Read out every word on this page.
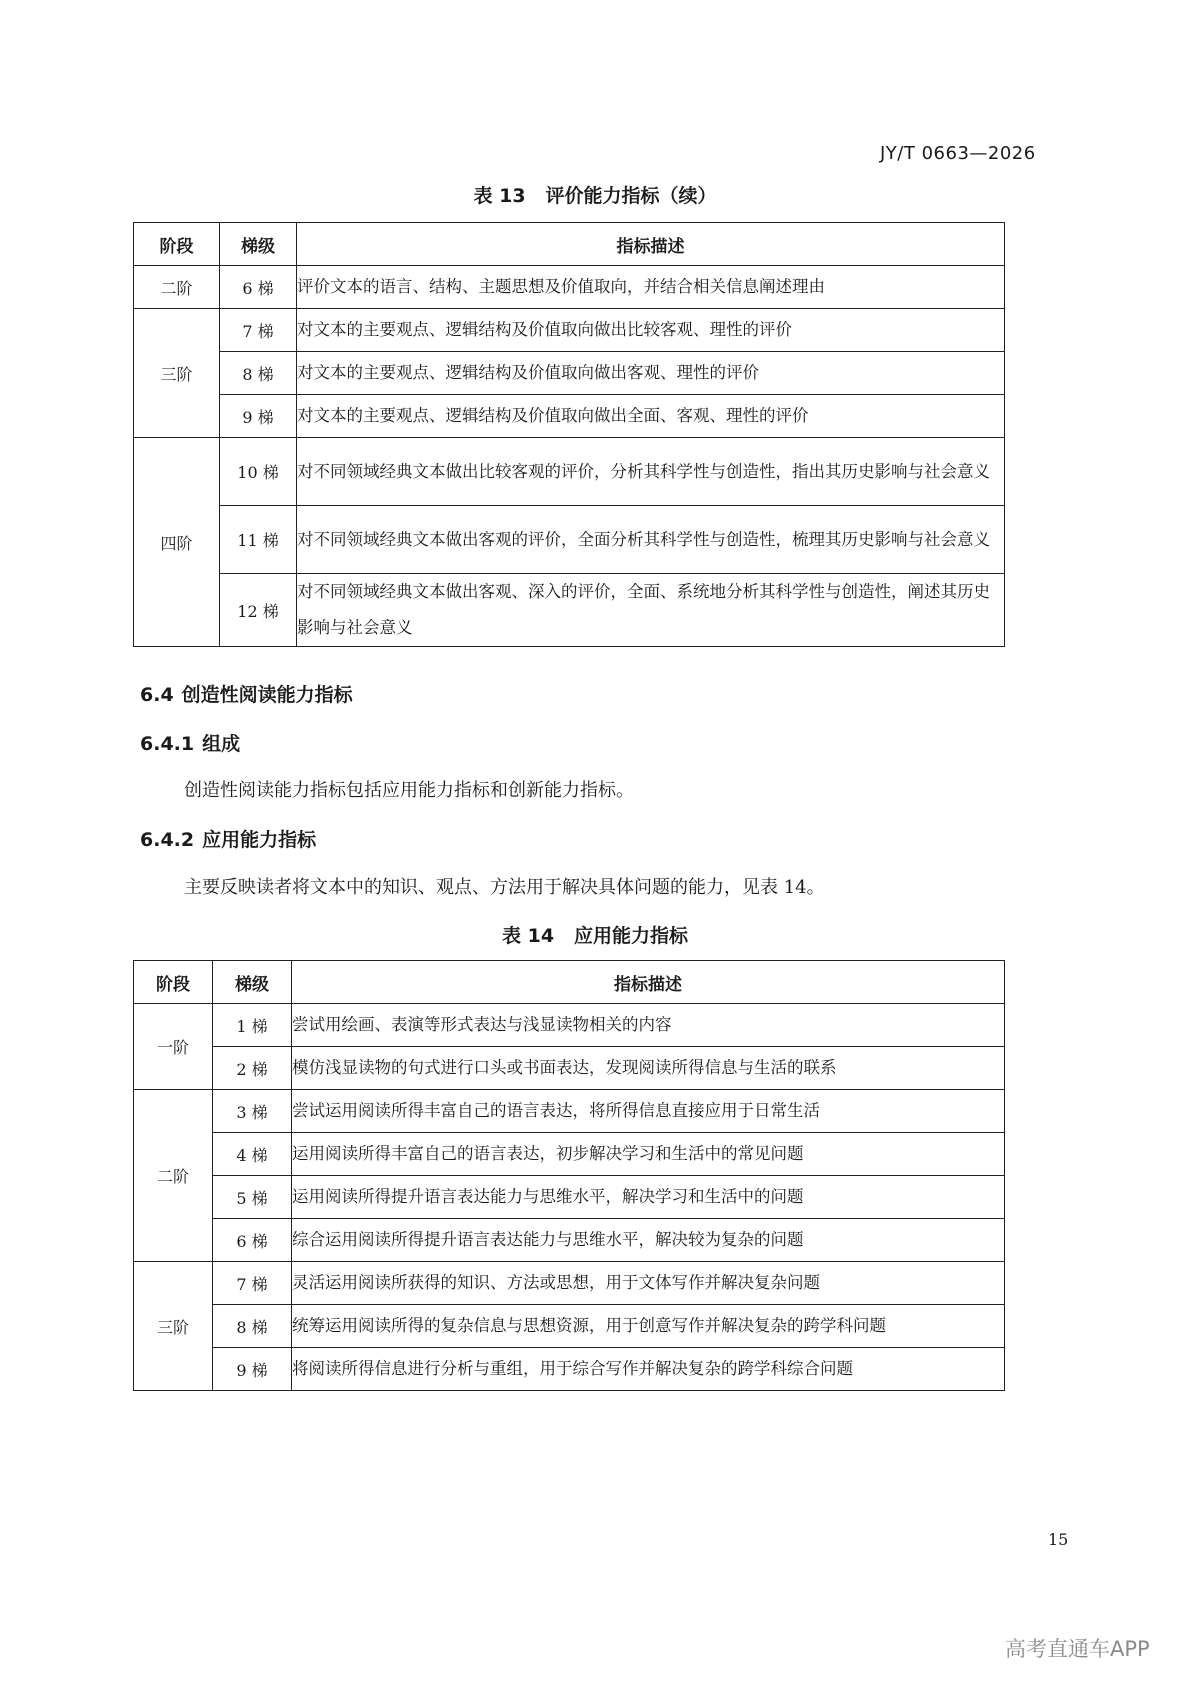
JY/T 0663—2026
表 13 评价能力指标（续）
阶段	梯级	指标描述
二阶	6 梯	评价文本的语言、结构、主题思想及价值取向，并结合相关信息阐述理由
三阶	7 梯	对文本的主要观点、逻辑结构及价值取向做出比较客观、理性的评价
	8 梯	对文本的主要观点、逻辑结构及价值取向做出客观、理性的评价
	9 梯	对文本的主要观点、逻辑结构及价值取向做出全面、客观、理性的评价
四阶	10 梯	对不同领域经典文本做出比较客观的评价，分析其科学性与创造性，指出其历史影响与社会意义
	11 梯	对不同领域经典文本做出客观的评价，全面分析其科学性与创造性，梳理其历史影响与社会意义
	12 梯	对不同领域经典文本做出客观、深入的评价，全面、系统地分析其科学性与创造性，阐述其历史影响与社会意义
6.4 创造性阅读能力指标
6.4.1 组成
创造性阅读能力指标包括应用能力指标和创新能力指标。
6.4.2 应用能力指标
主要反映读者将文本中的知识、观点、方法用于解决具体问题的能力，见表 14。
表 14 应用能力指标
阶段	梯级	指标描述
一阶	1 梯	尝试用绘画、表演等形式表达与浅显读物相关的内容
	2 梯	模仿浅显读物的句式进行口头或书面表达，发现阅读所得信息与生活的联系
二阶	3 梯	尝试运用阅读所得丰富自己的语言表达，将所得信息直接应用于日常生活
	4 梯	运用阅读所得丰富自己的语言表达，初步解决学习和生活中的常见问题
	5 梯	运用阅读所得提升语言表达能力与思维水平，解决学习和生活中的问题
	6 梯	综合运用阅读所得提升语言表达能力与思维水平，解决较为复杂的问题
三阶	7 梯	灵活运用阅读所获得的知识、方法或思想，用于文体写作并解决复杂问题
	8 梯	统筹运用阅读所得的复杂信息与思想资源，用于创意写作并解决复杂的跨学科问题
	9 梯	将阅读所得信息进行分析与重组，用于综合写作并解决复杂的跨学科综合问题
15
高考直通车APP
